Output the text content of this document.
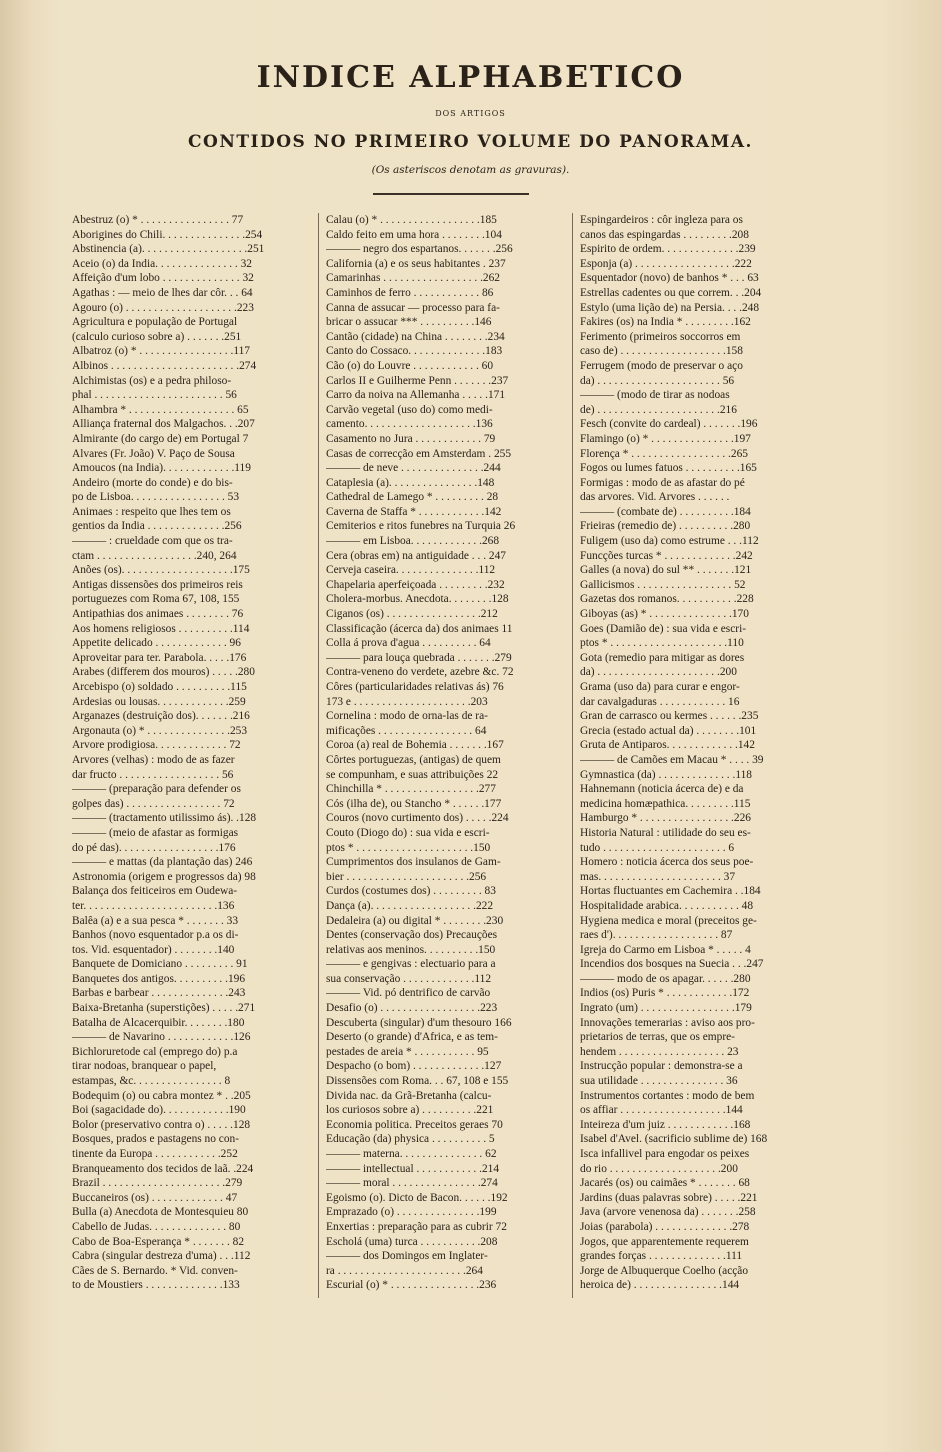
INDICE ALPHABETICO
DOS ARTIGOS
CONTIDOS NO PRIMEIRO VOLUME DO PANORAMA.
(Os asteriscos denotam as gravuras).
Abestruz (o) * . . . . . . . . . . . . . . . . 77
Aborigines do Chili. . . . . . . . . . . . . . .254
Abstinencia (a). . . . . . . . . . . . . . . . . . .251
Aceio (o) da India. . . . . . . . . . . . . . . 32
Affeição d'um lobo . . . . . . . . . . . . . . 32
Agathas : — meio de lhes dar côr. . . 64
Agouro (o) . . . . . . . . . . . . . . . . . . . .223
Agricultura e população de Portugal
(calculo curioso sobre a) . . . . . . .251
Albatroz (o) * . . . . . . . . . . . . . . . . .117
Albinos . . . . . . . . . . . . . . . . . . . . . . .274
Alchimistas (os) e a pedra philoso-
phal . . . . . . . . . . . . . . . . . . . . . . . 56
Alhambra * . . . . . . . . . . . . . . . . . . . 65
Alliança fraternal dos Malgachos. . .207
Almirante (do cargo de) em Portugal 7
Alvares (Fr. João) V. Paço de Sousa
Amoucos (na India). . . . . . . . . . . . .119
Andeiro (morte do conde) e do bis-
po de Lisboa. . . . . . . . . . . . . . . . . 53
Animaes : respeito que lhes tem os
gentios da India . . . . . . . . . . . . . .256
——— : crueldade com que os tra-
ctam . . . . . . . . . . . . . . . . . .240, 264
Anões (os). . . . . . . . . . . . . . . . . . . .175
Antigas dissensões dos primeiros reis
portuguezes com Roma 67, 108, 155
Antipathias dos animaes . . . . . . . . 76
Aos homens religiosos . . . . . . . . . .114
Appetite delicado . . . . . . . . . . . . . 96
Aproveitar para ter. Parabola. . . . .176
Arabes (differem dos mouros) . . . . .280
Arcebispo (o) soldado . . . . . . . . . .115
Ardesias ou lousas. . . . . . . . . . . . .259
Arganazes (destruição dos). . . . . . .216
Argonauta (o) * . . . . . . . . . . . . . . .253
Arvore prodigiosa. . . . . . . . . . . . . 72
Arvores (velhas) : modo de as fazer
dar fructo . . . . . . . . . . . . . . . . . . 56
——— (preparação para defender os
golpes das) . . . . . . . . . . . . . . . . . 72
——— (tractamento utilissimo ás). .128
——— (meio de afastar as formigas
do pé das). . . . . . . . . . . . . . . . . .176
——— e mattas (da plantação das) 246
Astronomia (origem e progressos da) 98
Balança dos feiticeiros em Oudewa-
ter. . . . . . . . . . . . . . . . . . . . . . . .136
Balêa (a) e a sua pesca * . . . . . . . 33
Banhos (novo esquentador p.a os di-
tos. Vid. esquentador) . . . . . . . .140
Banquete de Domiciano . . . . . . . . . 91
Banquetes dos antigos. . . . . . . . . .196
Barbas e barbear . . . . . . . . . . . . . .243
Baixa-Bretanha (superstições) . . . . .271
Batalha de Alcacerquibir. . . . . . . .180
——— de Navarino . . . . . . . . . . . .126
Bichloruretode cal (emprego do) p.a
tirar nodoas, branquear o papel,
estampas, &c. . . . . . . . . . . . . . . . 8
Bodequim (o) ou cabra montez * . .205
Boi (sagacidade do). . . . . . . . . . . .190
Bolor (preservativo contra o) . . . . .128
Bosques, prados e pastagens no con-
tinente da Europa . . . . . . . . . . . .252
Branqueamento dos tecidos de laã. .224
Brazil . . . . . . . . . . . . . . . . . . . . . .279
Buccaneiros (os) . . . . . . . . . . . . . 47
Bulla (a) Anecdota de Montesquieu 80
Cabello de Judas. . . . . . . . . . . . . . 80
Cabo de Boa-Esperança * . . . . . . . 82
Cabra (singular destreza d'uma) . . .112
Cães de S. Bernardo. * Vid. conven-
to de Moustiers . . . . . . . . . . . . . .133
Calau (o) * . . . . . . . . . . . . . . . . . .185
Caldo feito em uma hora . . . . . . . .104
——— negro dos espartanos. . . . . . .256
California (a) e os seus habitantes . 237
Camarinhas . . . . . . . . . . . . . . . . . .262
Caminhos de ferro . . . . . . . . . . . . 86
Canna de assucar — processo para fa-
bricar o assucar *** . . . . . . . . . .146
Cantão (cidade) na China . . . . . . . .234
Canto do Cossaco. . . . . . . . . . . . . .183
Cão (o) do Louvre . . . . . . . . . . . . 60
Carlos II e Guilherme Penn . . . . . . .237
Carro da noiva na Allemanha . . . . .171
Carvão vegetal (uso do) como medi-
camento. . . . . . . . . . . . . . . . . . . .136
Casamento no Jura . . . . . . . . . . . . 79
Casas de correcção em Amsterdam . 255
——— de neve . . . . . . . . . . . . . . .244
Cataplesia (a). . . . . . . . . . . . . . . .148
Cathedral de Lamego * . . . . . . . . . 28
Caverna de Staffa * . . . . . . . . . . . .142
Cemiterios e ritos funebres na Turquia 26
——— em Lisboa. . . . . . . . . . . . .268
Cera (obras em) na antiguidade . . . 247
Cerveja caseira. . . . . . . . . . . . . . .112
Chapelaria aperfeiçoada . . . . . . . . .232
Cholera-morbus. Anecdota. . . . . . . .128
Ciganos (os) . . . . . . . . . . . . . . . . .212
Classificação (ácerca da) dos animaes 11
Colla á prova d'agua . . . . . . . . . . 64
——— para louça quebrada . . . . . . .279
Contra-veneno do verdete, azebre &c. 72
Côres (particularidades relativas ás) 76
173 e . . . . . . . . . . . . . . . . . . . . .203
Cornelina : modo de orna-las de ra-
mificações . . . . . . . . . . . . . . . . . 64
Coroa (a) real de Bohemia . . . . . . .167
Côrtes portuguezas, (antigas) de quem
se compunham, e suas attribuições 22
Chinchilla * . . . . . . . . . . . . . . . . .277
Cós (ilha de), ou Stancho * . . . . . .177
Couros (novo curtimento dos) . . . . .224
Couto (Diogo do) : sua vida e escri-
ptos * . . . . . . . . . . . . . . . . . . . . .150
Cumprimentos dos insulanos de Gam-
bier . . . . . . . . . . . . . . . . . . . . . .256
Curdos (costumes dos) . . . . . . . . . 83
Dança (a). . . . . . . . . . . . . . . . . . .222
Dedaleira (a) ou digital * . . . . . . . .230
Dentes (conservação dos) Precauções
relativas aos meninos. . . . . . . . . .150
——— e gengivas : electuario para a
sua conservação . . . . . . . . . . . . .112
——— Vid. pó dentrifico de carvão
Desafio (o) . . . . . . . . . . . . . . . . . .223
Descuberta (singular) d'um thesouro 166
Deserto (o grande) d'Africa, e as tem-
pestades de areia * . . . . . . . . . . . 95
Despacho (o bom) . . . . . . . . . . . . .127
Dissensões com Roma. . . 67, 108 e 155
Divida nac. da Grã-Bretanha (calcu-
los curiosos sobre a) . . . . . . . . . .221
Economia politica. Preceitos geraes 70
Educação (da) physica . . . . . . . . . . 5
——— materna. . . . . . . . . . . . . . . 62
——— intellectual . . . . . . . . . . . .214
——— moral . . . . . . . . . . . . . . . .274
Egoismo (o). Dicto de Bacon. . . . . .192
Emprazado (o) . . . . . . . . . . . . . . .199
Enxertias : preparação para as cubrir 72
Escholá (uma) turca . . . . . . . . . . .208
——— dos Domingos em Inglater-
ra . . . . . . . . . . . . . . . . . . . . . . .264
Escurial (o) * . . . . . . . . . . . . . . . .236
Espingardeiros : côr ingleza para os
canos das espingardas . . . . . . . . .208
Espirito de ordem. . . . . . . . . . . . . .239
Esponja (a) . . . . . . . . . . . . . . . . . .222
Esquentador (novo) de banhos * . . . 63
Estrellas cadentes ou que correm. . .204
Estylo (uma lição de) na Persia. . . .248
Fakires (os) na India * . . . . . . . . .162
Ferimento (primeiros soccorros em
caso de) . . . . . . . . . . . . . . . . . . .158
Ferrugem (modo de preservar o aço
da) . . . . . . . . . . . . . . . . . . . . . . 56
——— (modo de tirar as nodoas
de) . . . . . . . . . . . . . . . . . . . . . .216
Fesch (convite do cardeal) . . . . . . .196
Flamingo (o) * . . . . . . . . . . . . . . .197
Florença * . . . . . . . . . . . . . . . . . .265
Fogos ou lumes fatuos . . . . . . . . . .165
Formigas : modo de as afastar do pé
das arvores. Vid. Arvores . . . . . .
——— (combate de) . . . . . . . . . .184
Frieiras (remedio de) . . . . . . . . . .280
Fuligem (uso da) como estrume . . .112
Funcções turcas * . . . . . . . . . . . . .242
Galles (a nova) do sul ** . . . . . . .121
Gallicismos . . . . . . . . . . . . . . . . . 52
Gazetas dos romanos. . . . . . . . . . .228
Giboyas (as) * . . . . . . . . . . . . . . .170
Goes (Damião de) : sua vida e escri-
ptos * . . . . . . . . . . . . . . . . . . . . .110
Gota (remedio para mitigar as dores
da) . . . . . . . . . . . . . . . . . . . . . .200
Grama (uso da) para curar e engor-
dar cavalgaduras . . . . . . . . . . . . 16
Gran de carrasco ou kermes . . . . . .235
Grecia (estado actual da) . . . . . . . .101
Gruta de Antiparos. . . . . . . . . . . . .142
——— de Camões em Macau * . . . . 39
Gymnastica (da) . . . . . . . . . . . . . .118
Hahnemann (noticia ácerca de) e da
medicina homæpathica. . . . . . . . .115
Hamburgo * . . . . . . . . . . . . . . . . .226
Historia Natural : utilidade do seu es-
tudo . . . . . . . . . . . . . . . . . . . . . . 6
Homero : noticia ácerca dos seus poe-
mas. . . . . . . . . . . . . . . . . . . . . . 37
Hortas fluctuantes em Cachemira . .184
Hospitalidade arabica. . . . . . . . . . . 48
Hygiena medica e moral (preceitos ge-
raes d'). . . . . . . . . . . . . . . . . . . 87
Igreja do Carmo em Lisboa * . . . . . 4
Incendios dos bosques na Suecia . . .247
——— modo de os apagar. . . . . .280
Indios (os) Puris * . . . . . . . . . . . .172
Ingrato (um) . . . . . . . . . . . . . . . . .179
Innovações temerarias : aviso aos pro-
prietarios de terras, que os empre-
hendem . . . . . . . . . . . . . . . . . . . 23
Instrucção popular : demonstra-se a
sua utilidade . . . . . . . . . . . . . . . 36
Instrumentos cortantes : modo de bem
os affiar . . . . . . . . . . . . . . . . . . .144
Inteireza d'um juiz . . . . . . . . . . . .168
Isabel d'Avel. (sacrificio sublime de) 168
Isca infallivel para engodar os peixes
do rio . . . . . . . . . . . . . . . . . . . .200
Jacarés (os) ou caimães * . . . . . . . 68
Jardins (duas palavras sobre) . . . . .221
Java (arvore venenosa da) . . . . . . .258
Joias (parabola) . . . . . . . . . . . . . .278
Jogos, que apparentemente requerem
grandes forças . . . . . . . . . . . . . .111
Jorge de Albuquerque Coelho (acção
heroica de) . . . . . . . . . . . . . . . .144
